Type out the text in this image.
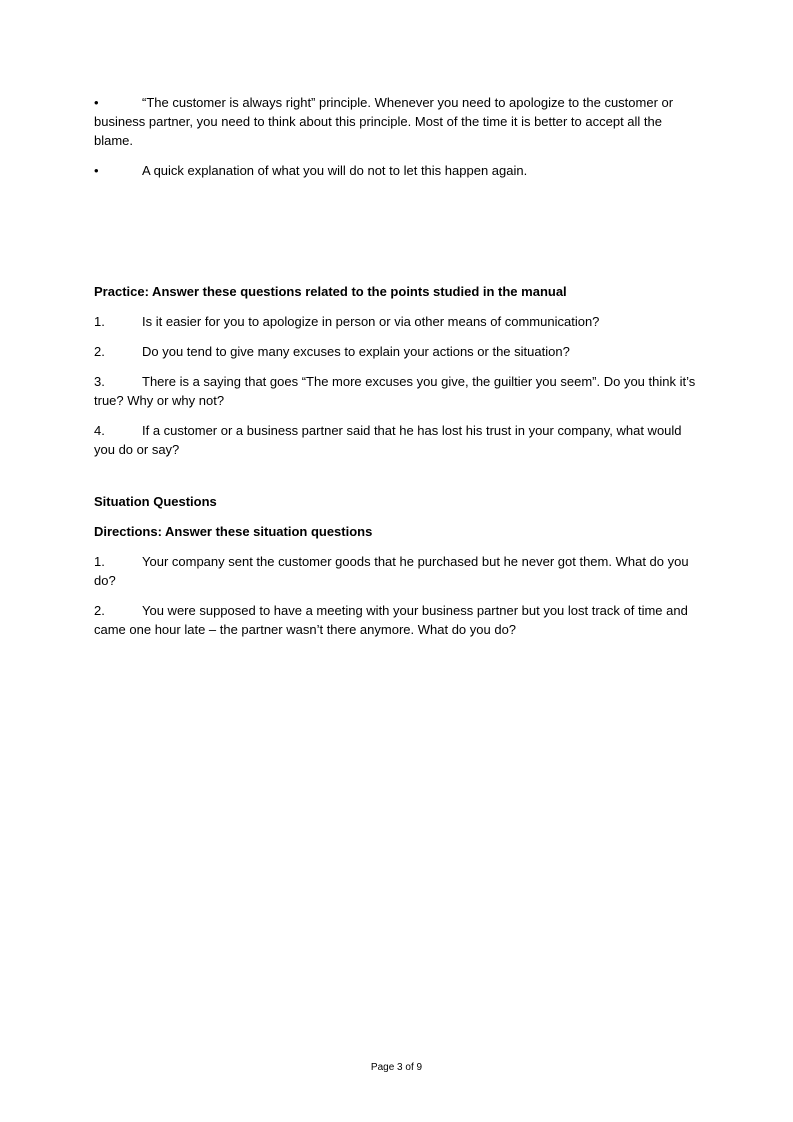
•	“The customer is always right” principle. Whenever you need to apologize to the customer or business partner, you need to think about this principle. Most of the time it is better to accept all the blame.
•	A quick explanation of what you will do not to let this happen again.
Practice: Answer these questions related to the points studied in the manual
1.	Is it easier for you to apologize in person or via other means of communication?
2.	Do you tend to give many excuses to explain your actions or the situation?
3.	There is a saying that goes “The more excuses you give, the guiltier you seem”. Do you think it’s true? Why or why not?
4.	If a customer or a business partner said that he has lost his trust in your company, what would you do or say?
Situation Questions
Directions: Answer these situation questions
1.	Your company sent the customer goods that he purchased but he never got them. What do you do?
2.	You were supposed to have a meeting with your business partner but you lost track of time and came one hour late – the partner wasn’t there anymore. What do you do?
Page 3 of 9
